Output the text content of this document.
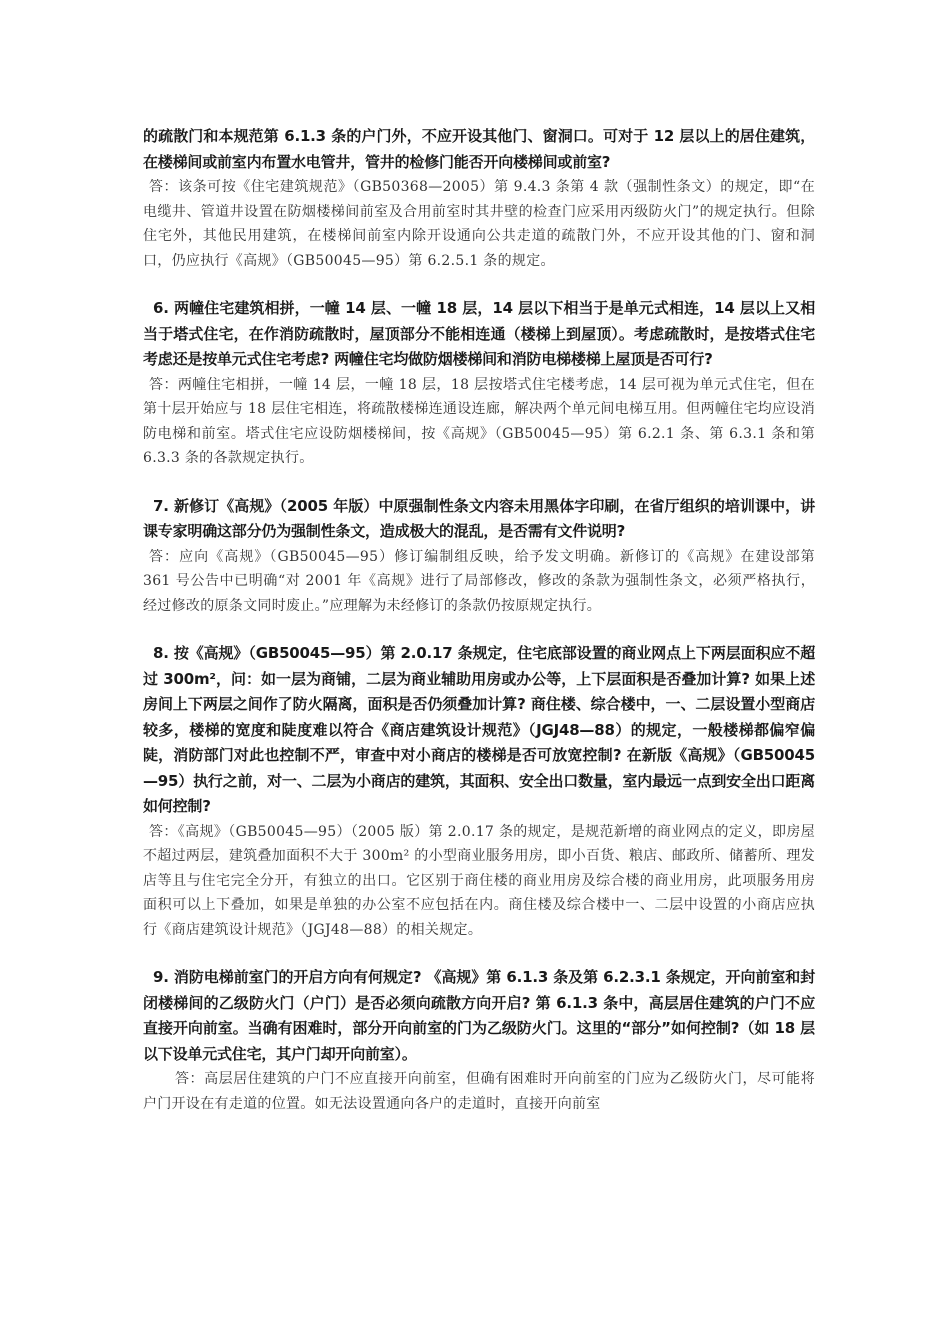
的疏散门和本规范第 6.1.3 条的户门外，不应开设其他门、窗洞口。可对于 12 层以上的居住建筑，在楼梯间或前室内布置水电管井，管井的检修门能否开向楼梯间或前室?

答：该条可按《住宅建筑规范》（GB50368—2005）第 9.4.3 条第 4 款（强制性条文）的规定，即“在电缆井、管道井设置在防烟楼梯间前室及合用前室时其井壁的检查门应采用丙级防火门”的规定执行。但除住宅外，其他民用建筑，在楼梯间前室内除开设通向公共走道的疏散门外，不应开设其他的门、窗和洞口，仍应执行《高规》（GB50045—95）第 6.2.5.1 条的规定。

6. 两幢住宅建筑相拼，一幢 14 层、一幢 18 层，14 层以下相当于是单元式相连，14 层以上又相当于塔式住宅，在作消防疏散时，屋顶部分不能相连通（楼梯上到屋顶）。考虑疏散时，是按塔式住宅考虑还是按单元式住宅考虑? 两幢住宅均做防烟楼梯间和消防电梯楼梯上屋顶是否可行?

答：两幢住宅相拼，一幢 14 层，一幢 18 层，18 层按塔式住宅楼考虑，14 层可视为单元式住宅，但在第十层开始应与 18 层住宅相连，将疏散楼梯连通设连廊，解决两个单元间电梯互用。但两幢住宅均应设消防电梯和前室。塔式住宅应设防烟楼梯间，按《高规》（GB50045—95）第 6.2.1 条、第 6.3.1 条和第 6.3.3 条的各款规定执行。

7. 新修订《高规》（2005 年版）中原强制性条文内容未用黑体字印刷，在省厅组织的培训课中，讲课专家明确这部分仍为强制性条文，造成极大的混乱，是否需有文件说明?

答：应向《高规》（GB50045—95）修订编制组反映，给予发文明确。新修订的《高规》在建设部第 361 号公告中已明确“对 2001 年《高规》进行了局部修改，修改的条款为强制性条文，必须严格执行，经过修改的原条文同时废止。”应理解为未经修订的条款仍按原规定执行。

8. 按《高规》（GB50045—95）第 2.0.17 条规定，住宅底部设置的商业网点上下两层面积应不超过 300m²，问：如一层为商铺，二层为商业辅助用房或办公等，上下层面积是否叠加计算? 如果上述房间上下两层之间作了防火隔离，面积是否仍须叠加计算? 商住楼、综合楼中，一、二层设置小型商店较多，楼梯的宽度和陡度难以符合《商店建筑设计规范》（JGJ48—88）的规定，一般楼梯都偏窄偏陡，消防部门对此也控制不严，审查中对小商店的楼梯是否可放宽控制? 在新版《高规》（GB50045—95）执行之前，对一、二层为小商店的建筑，其面积、安全出口数量，室内最远一点到安全出口距离如何控制?

答：《高规》（GB50045—95）（2005 版）第 2.0.17 条的规定，是规范新增的商业网点的定义，即房屋不超过两层，建筑叠加面积不大于 300m² 的小型商业服务用房，即小百货、粮店、邮政所、储蓄所、理发店等且与住宅完全分开，有独立的出口。它区别于商住楼的商业用房及综合楼的商业用房，此项服务用房面积可以上下叠加，如果是单独的办公室不应包括在内。商住楼及综合楼中一、二层中设置的小商店应执行《商店建筑设计规范》（JGJ48—88）的相关规定。

9. 消防电梯前室门的开启方向有何规定? 《高规》第 6.1.3 条及第 6.2.3.1 条规定，开向前室和封闭楼梯间的乙级防火门（户门）是否必须向疏散方向开启? 第 6.1.3 条中，高层居住建筑的户门不应直接开向前室。当确有困难时，部分开向前室的门为乙级防火门。这里的“部分”如何控制?（如 18 层以下设单元式住宅，其户门却开向前室）。

答：高层居住建筑的户门不应直接开向前室，但确有困难时开向前室的门应为乙级防火门，尽可能将户门开设在有走道的位置。如无法设置通向各户的走道时，直接开向前室
